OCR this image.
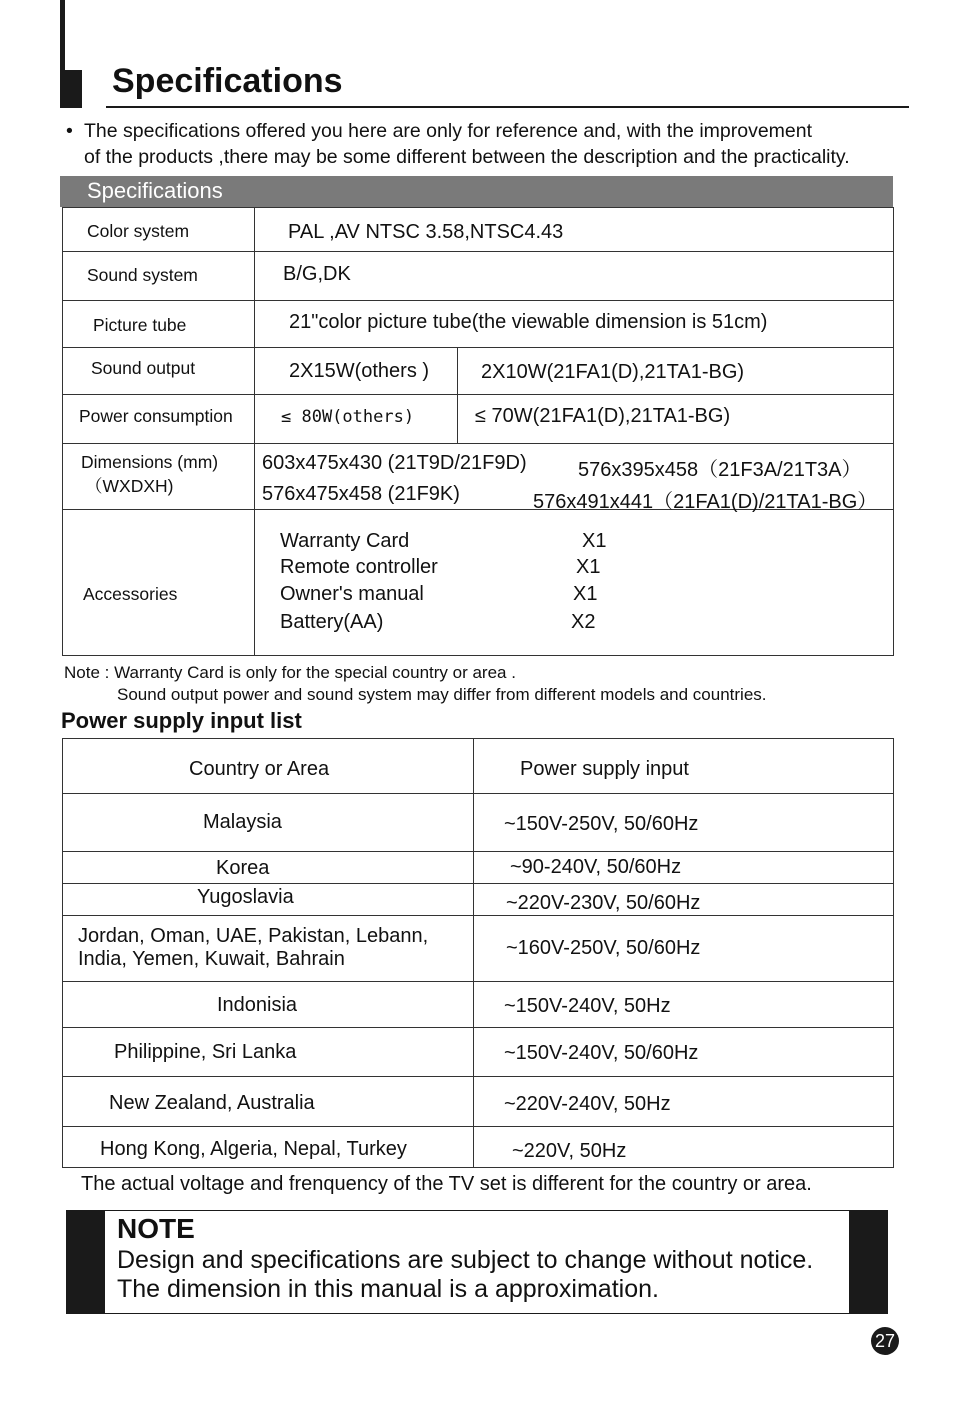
Specifications
• The specifications offered you here are only for reference and, with the improvement
of the products ,there may be some different between the description and the practicality.
Specifications
Color system	PAL ,AV NTSC 3.58,NTSC4.43
Sound system	B/G,DK
Picture tube	21"color picture tube(the viewable dimension is 51cm)
Sound output	2X15W(others )	2X10W(21FA1(D),21TA1-BG)
Power consumption	≤ 80W(others)	≤ 70W(21FA1(D),21TA1-BG)
Dimensions (mm)
（WXDXH)
603x475x430 (21T9D/21F9D)	576x395x458（21F3A/21T3A）
576x475x458 (21F9K)	576x491x441（21FA1(D)/21TA1-BG）
Accessories
Warranty Card	X1
Remote controller	X1
Owner's manual	X1
Battery(AA)	X2
Note : Warranty Card is only for the special country or area .
Sound output power and sound system may differ from different models and countries.
Power supply input list
Country or Area	Power supply input
Malaysia	~150V-250V, 50/60Hz
Korea	~90-240V, 50/60Hz
Yugoslavia	~220V-230V, 50/60Hz
Jordan, Oman, UAE, Pakistan, Lebann,
India, Yemen, Kuwait, Bahrain	~160V-250V, 50/60Hz
Indonisia	~150V-240V, 50Hz
Philippine, Sri Lanka	~150V-240V, 50/60Hz
New Zealand, Australia	~220V-240V, 50Hz
Hong Kong, Algeria, Nepal, Turkey	~220V, 50Hz
The actual voltage and frenquency of the TV set is different for the country or area.
NOTE
Design and specifications are subject to change without notice.
The dimension in this manual is a approximation.
27
